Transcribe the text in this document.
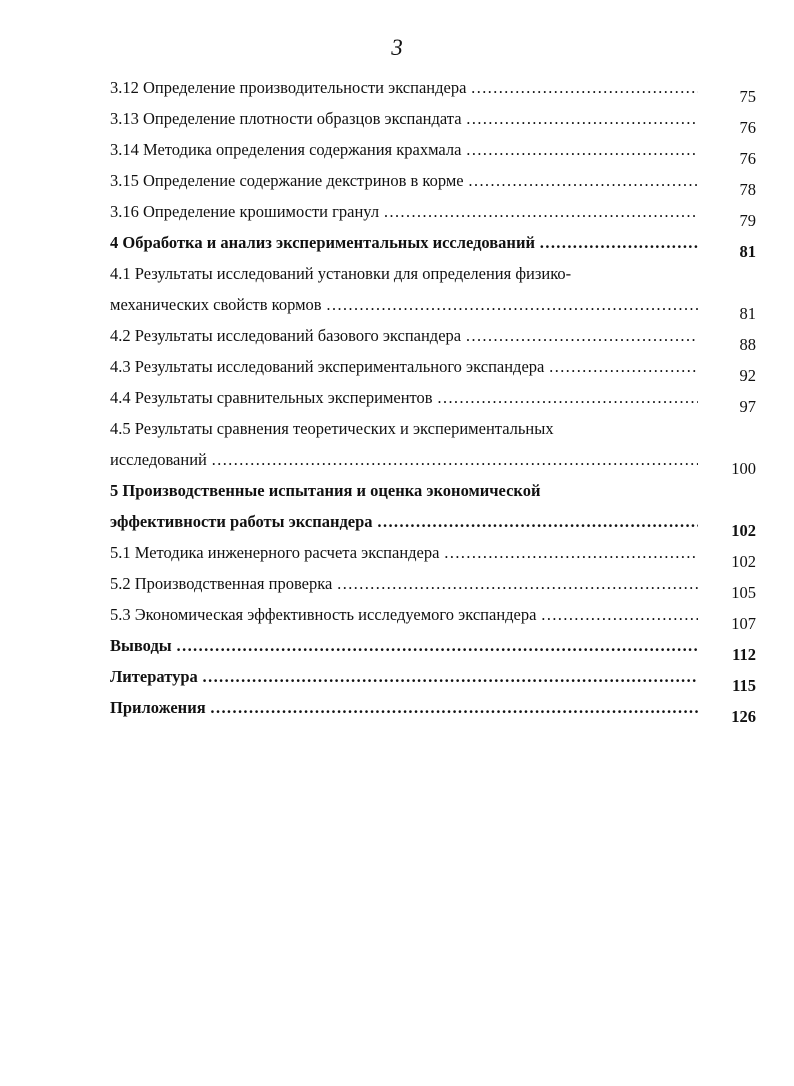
3
3.12 Определение производительности экспандера ……………………………………………………………………………………………………………………………………………………………………………	75
3.13 Определение плотности образцов экспандата ……………………………………………………………………………………………………………………………………………………………………………	76
3.14 Методика определения содержания крахмала ……………………………………………………………………………………………………………………………………………………………………………	76
3.15 Определение содержание декстринов в корме ……………………………………………………………………………………………………………………………………………………………………………	78
3.16 Определение крошимости гранул ……………………………………………………………………………………………………………………………………………………………………………	79
4 Обработка и анализ экспериментальных исследований ……………………………………………………………………………………………………………………………………………………………………………	81
4.1 Результаты исследований установки для определения физико-
механических свойств кормов ……………………………………………………………………………………………………………………………………………………………………………	81
4.2 Результаты исследований базового экспандера ……………………………………………………………………………………………………………………………………………………………………………	88
4.3 Результаты исследований экспериментального экспандера ……………………………………………………………………………………………………………………………………………………………………………	92
4.4 Результаты сравнительных экспериментов ……………………………………………………………………………………………………………………………………………………………………………	97
4.5 Результаты сравнения теоретических и экспериментальных
исследований ……………………………………………………………………………………………………………………………………………………………………………	100
5 Производственные испытания и оценка экономической
эффективности работы экспандера ……………………………………………………………………………………………………………………………………………………………………………	102
5.1 Методика инженерного расчета экспандера ……………………………………………………………………………………………………………………………………………………………………………	102
5.2 Производственная проверка ……………………………………………………………………………………………………………………………………………………………………………	105
5.3 Экономическая эффективность исследуемого экспандера ……………………………………………………………………………………………………………………………………………………………………………	107
Выводы ……………………………………………………………………………………………………………………………………………………………………………	112
Литература ……………………………………………………………………………………………………………………………………………………………………………	115
Приложения ……………………………………………………………………………………………………………………………………………………………………………	126
